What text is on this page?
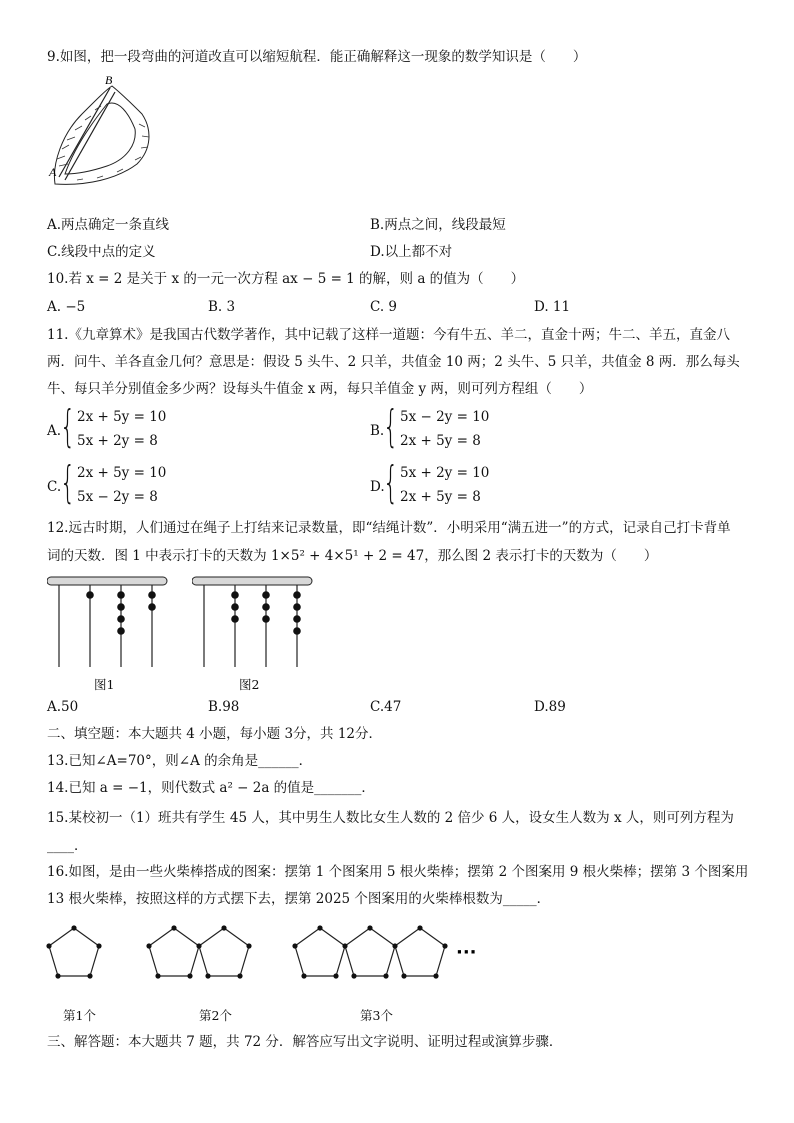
9.如图，把一段弯曲的河道改直可以缩短航程．能正确解释这一现象的数学知识是（　　）
B
A
A.两点确定一条直线	B.两点之间，线段最短
C.线段中点的定义	D.以上都不对
10.若 x = 2 是关于 x 的一元一次方程 ax − 5 = 1 的解，则 a 的值为（　　）
A. −5	B. 3	C. 9	D. 11
11.《九章算术》是我国古代数学著作，其中记载了这样一道题：今有牛五、羊二，直金十两；牛二、羊五，直金八
两．问牛、羊各直金几何？意思是：假设 5 头牛、2 只羊，共值金 10 两；2 头牛、5 只羊，共值金 8 两．那么每头
牛、每只羊分别值金多少两？设每头牛值金 x 两，每只羊值金 y 两，则可列方程组（　　）
A.
{ 2x + 5y = 10
5x + 2y = 8
B.
{ 5x − 2y = 10
2x + 5y = 8
C.
{ 2x + 5y = 10
5x − 2y = 8
D.
{ 5x + 2y = 10
2x + 5y = 8
12.远古时期，人们通过在绳子上打结来记录数量，即“结绳计数”．小明采用“满五进一”的方式，记录自己打卡背单
词的天数．图 1 中表示打卡的天数为 1×5² + 4×5¹ + 2 = 47，那么图 2 表示打卡的天数为（　　）
图1	图2
A.50	B.98	C.47	D.89
二、填空题：本大题共 4 小题，每小题 3分，共 12分．
13.已知∠A=70°，则∠A 的余角是______．
14.已知 a = −1，则代数式 a² − 2a 的值是_______．
15.某校初一（1）班共有学生 45 人，其中男生人数比女生人数的 2 倍少 6 人，设女生人数为 x 人，则可列方程为
____．
16.如图，是由一些火柴棒搭成的图案：摆第 1 个图案用 5 根火柴棒；摆第 2 个图案用 9 根火柴棒；摆第 3 个图案用
13 根火柴棒，按照这样的方式摆下去，摆第 2025 个图案用的火柴棒根数为_____．
···
第1个	第2个	第3个
三、解答题：本大题共 7 题，共 72 分．解答应写出文字说明、证明过程或演算步骤．
